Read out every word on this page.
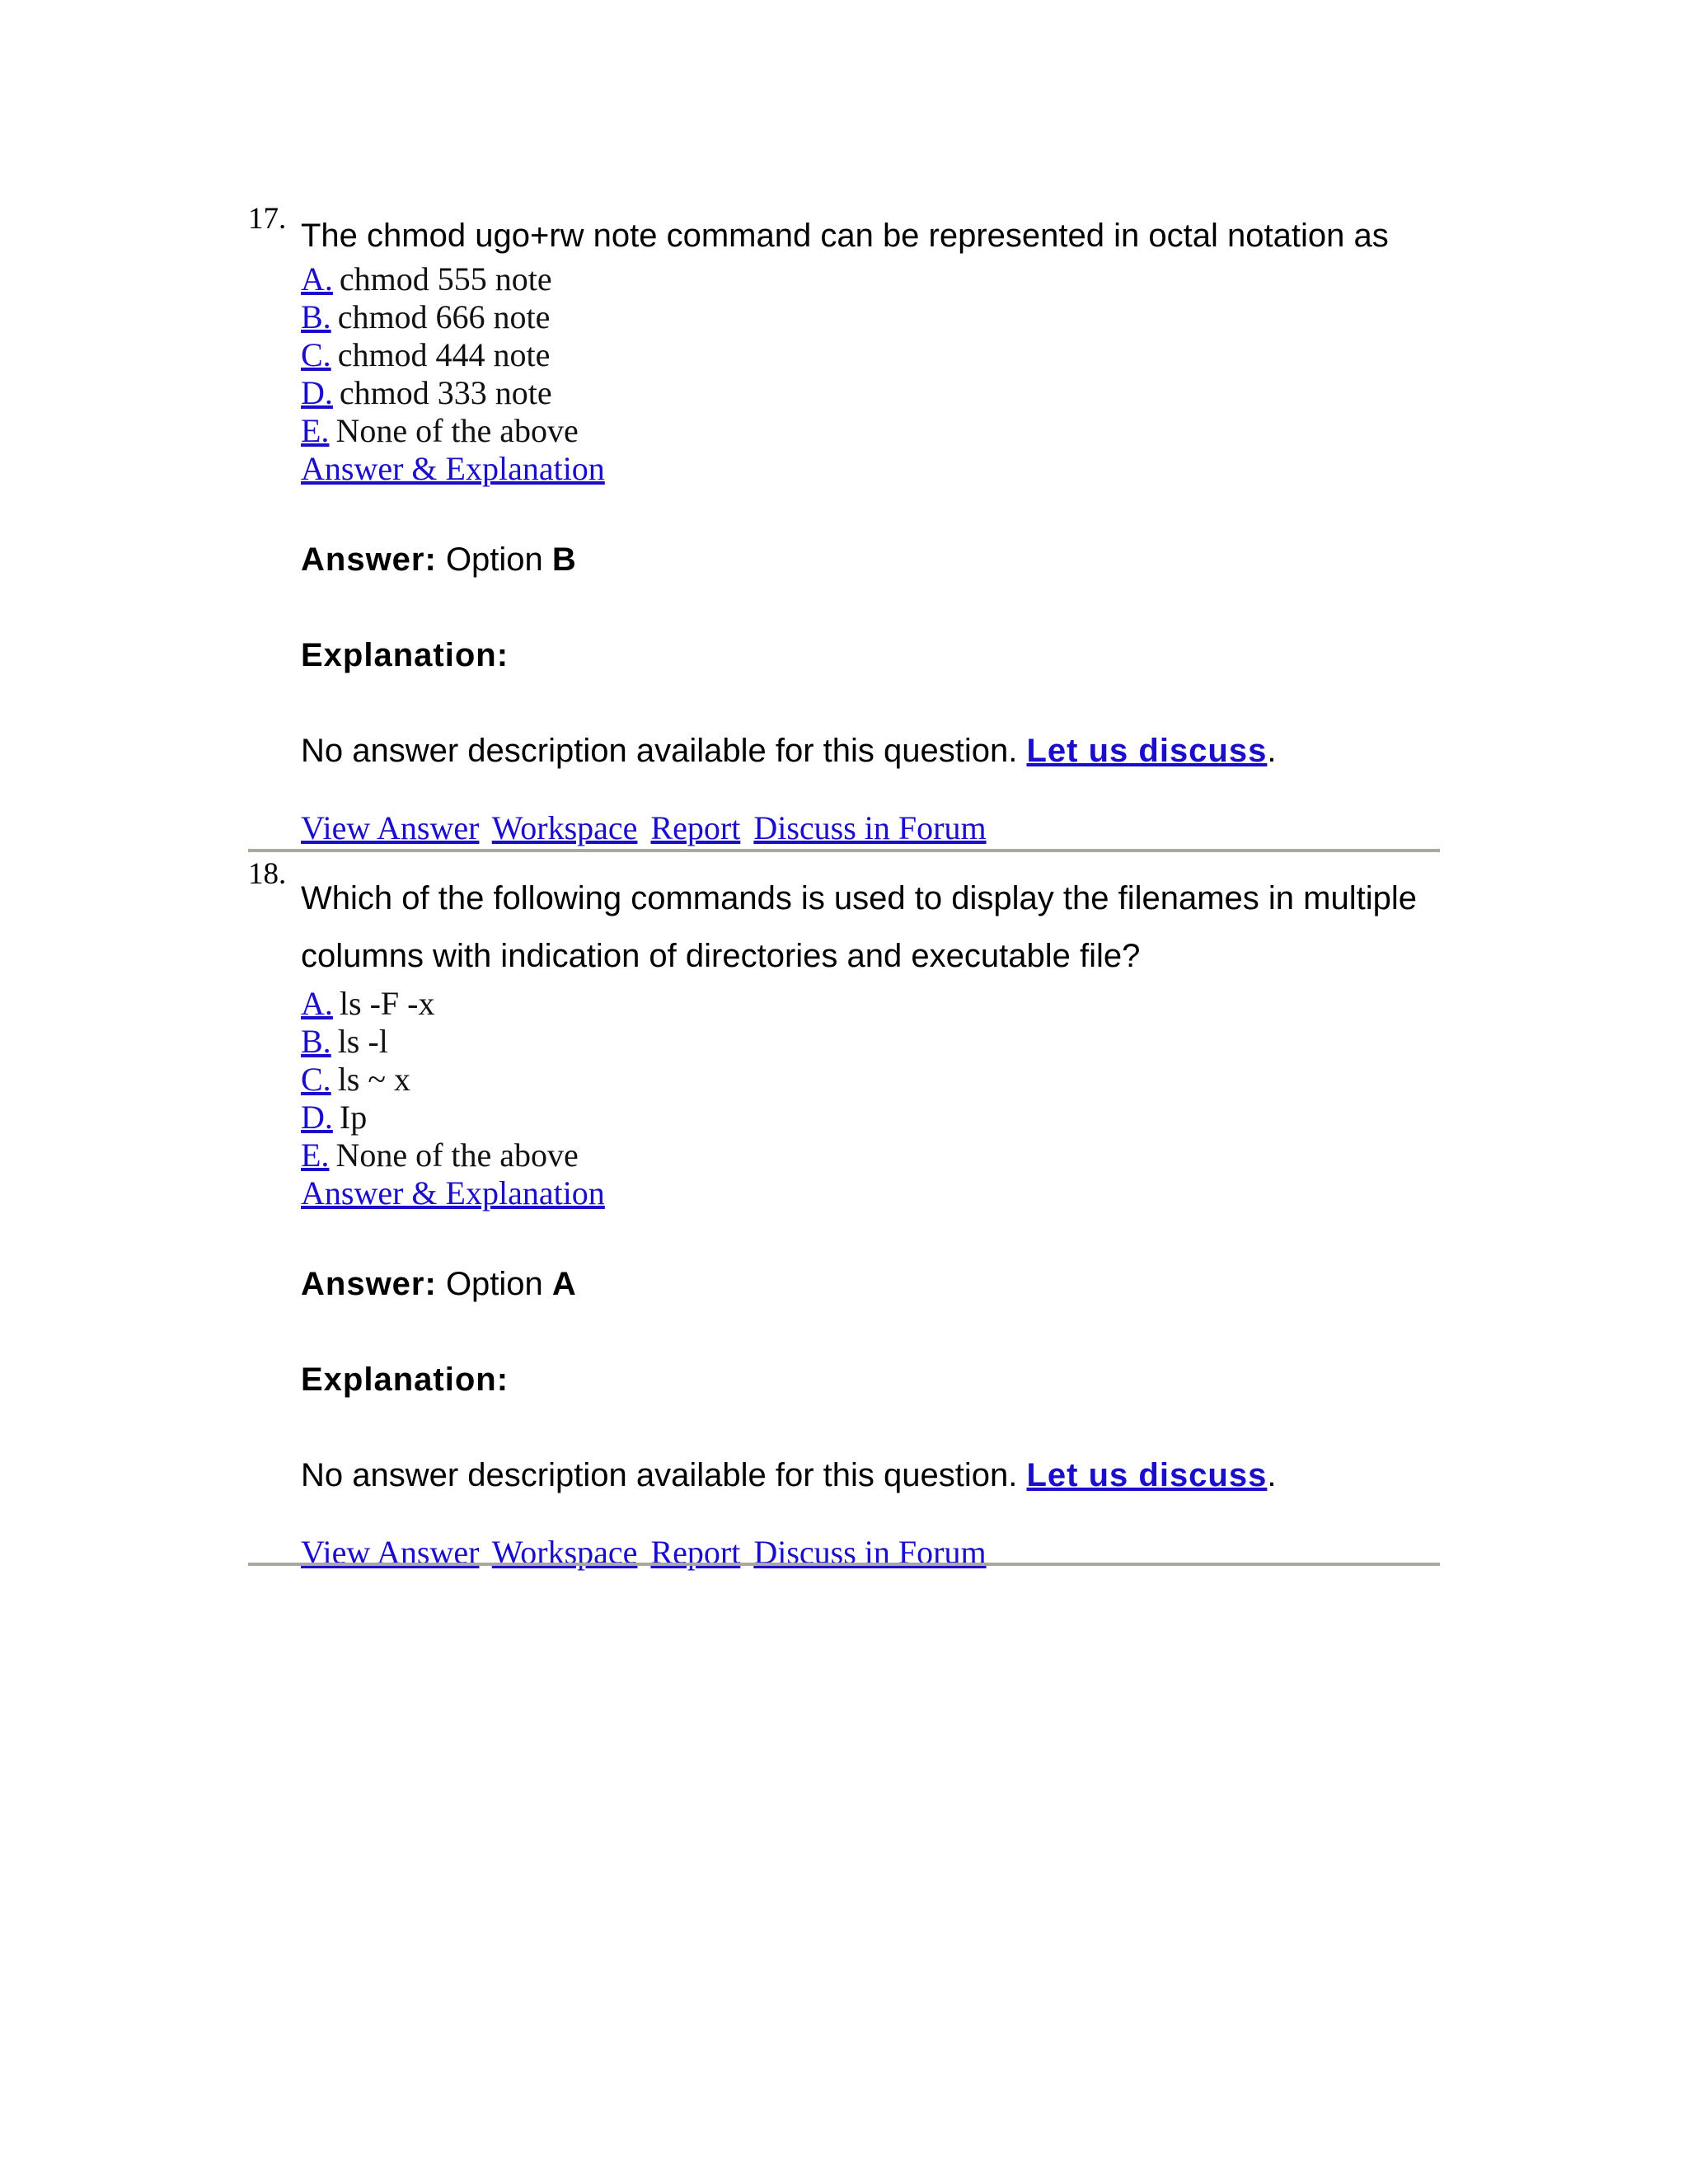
17. The chmod ugo+rw note command can be represented in octal notation as
A. chmod 555 note
B. chmod 666 note
C. chmod 444 note
D. chmod 333 note
E. None of the above
Answer & Explanation
Answer: Option B
Explanation:
No answer description available for this question. Let us discuss.
View Answer Workspace Report Discuss in Forum
18.
Which of the following commands is used to display the filenames in multiple columns with indication of directories and executable file?
A. ls -F -x
B. ls -l
C. ls ~ x
D. Ip
E. None of the above
Answer & Explanation
Answer: Option A
Explanation:
No answer description available for this question. Let us discuss.
View Answer Workspace Report Discuss in Forum
